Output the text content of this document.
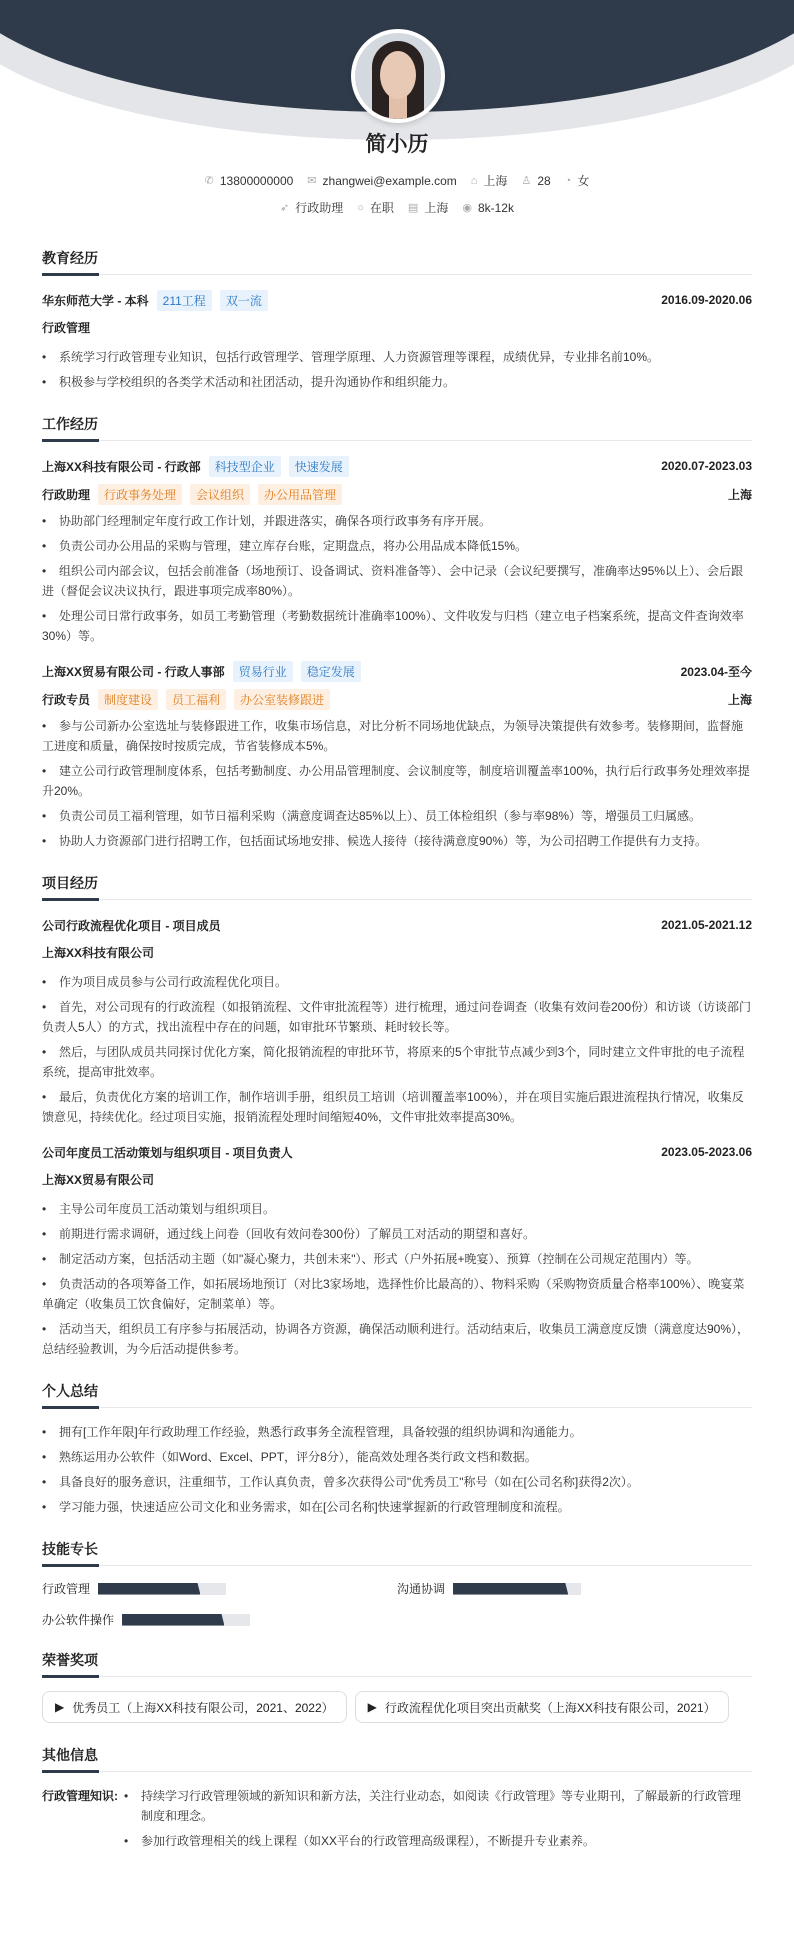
简小历
✆ 13800000000 ✉ zhangwei@example.com ⌂ 上海 ♙ 28 ◔ 女
➶ 行政助理 ○ 在职 ▤ 上海 ◉ 8k-12k
教育经历
华东师范大学 - 本科	211工程	双一流	2016.09-2020.06
行政管理
• 系统学习行政管理专业知识，包括行政管理学、管理学原理、人力资源管理等课程，成绩优异，专业排名前10%。
• 积极参与学校组织的各类学术活动和社团活动，提升沟通协作和组织能力。
工作经历
上海XX科技有限公司 - 行政部	科技型企业	快速发展	2020.07-2023.03
行政助理	行政事务处理	会议组织	办公用品管理	上海
• 协助部门经理制定年度行政工作计划，并跟进落实，确保各项行政事务有序开展。
• 负责公司办公用品的采购与管理，建立库存台账，定期盘点，将办公用品成本降低15%。
• 组织公司内部会议，包括会前准备（场地预订、设备调试、资料准备等）、会中记录（会议纪要撰写，准确率达95%以上）、会后跟进（督促会议决议执行，跟进事项完成率80%）。
• 处理公司日常行政事务，如员工考勤管理（考勤数据统计准确率100%）、文件收发与归档（建立电子档案系统，提高文件查询效率30%）等。
上海XX贸易有限公司 - 行政人事部	贸易行业	稳定发展	2023.04-至今
行政专员	制度建设	员工福利	办公室装修跟进	上海
• 参与公司新办公室选址与装修跟进工作，收集市场信息，对比分析不同场地优缺点，为领导决策提供有效参考。装修期间，监督施工进度和质量，确保按时按质完成，节省装修成本5%。
• 建立公司行政管理制度体系，包括考勤制度、办公用品管理制度、会议制度等，制度培训覆盖率100%，执行后行政事务处理效率提升20%。
• 负责公司员工福利管理，如节日福利采购（满意度调查达85%以上）、员工体检组织（参与率98%）等，增强员工归属感。
• 协助人力资源部门进行招聘工作，包括面试场地安排、候选人接待（接待满意度90%）等，为公司招聘工作提供有力支持。
项目经历
公司行政流程优化项目 - 项目成员	2021.05-2021.12
上海XX科技有限公司
• 作为项目成员参与公司行政流程优化项目。
• 首先，对公司现有的行政流程（如报销流程、文件审批流程等）进行梳理，通过问卷调查（收集有效问卷200份）和访谈（访谈部门负责人5人）的方式，找出流程中存在的问题，如审批环节繁琐、耗时较长等。
• 然后，与团队成员共同探讨优化方案，简化报销流程的审批环节，将原来的5个审批节点减少到3个，同时建立文件审批的电子流程系统，提高审批效率。
• 最后，负责优化方案的培训工作，制作培训手册，组织员工培训（培训覆盖率100%），并在项目实施后跟进流程执行情况，收集反馈意见，持续优化。经过项目实施，报销流程处理时间缩短40%，文件审批效率提高30%。
公司年度员工活动策划与组织项目 - 项目负责人	2023.05-2023.06
上海XX贸易有限公司
• 主导公司年度员工活动策划与组织项目。
• 前期进行需求调研，通过线上问卷（回收有效问卷300份）了解员工对活动的期望和喜好。
• 制定活动方案，包括活动主题（如"凝心聚力，共创未来"）、形式（户外拓展+晚宴）、预算（控制在公司规定范围内）等。
• 负责活动的各项筹备工作，如拓展场地预订（对比3家场地，选择性价比最高的）、物料采购（采购物资质量合格率100%）、晚宴菜单确定（收集员工饮食偏好，定制菜单）等。
• 活动当天，组织员工有序参与拓展活动，协调各方资源，确保活动顺利进行。活动结束后，收集员工满意度反馈（满意度达90%），总结经验教训，为今后活动提供参考。
个人总结
• 拥有[工作年限]年行政助理工作经验，熟悉行政事务全流程管理，具备较强的组织协调和沟通能力。
• 熟练运用办公软件（如Word、Excel、PPT，评分8分），能高效处理各类行政文档和数据。
• 具备良好的服务意识，注重细节，工作认真负责，曾多次获得公司"优秀员工"称号（如在[公司名称]获得2次）。
• 学习能力强，快速适应公司文化和业务需求，如在[公司名称]快速掌握新的行政管理制度和流程。
技能专长
行政管理	沟通协调
办公软件操作
荣誉奖项
▶ 优秀员工（上海XX科技有限公司，2021、2022）	▶ 行政流程优化项目突出贡献奖（上海XX科技有限公司，2021）
其他信息
行政管理知识:	• 持续学习行政管理领域的新知识和新方法，关注行业动态，如阅读《行政管理》等专业期刊，了解最新的行政管理制度和理念。
• 参加行政管理相关的线上课程（如XX平台的行政管理高级课程），不断提升专业素养。
